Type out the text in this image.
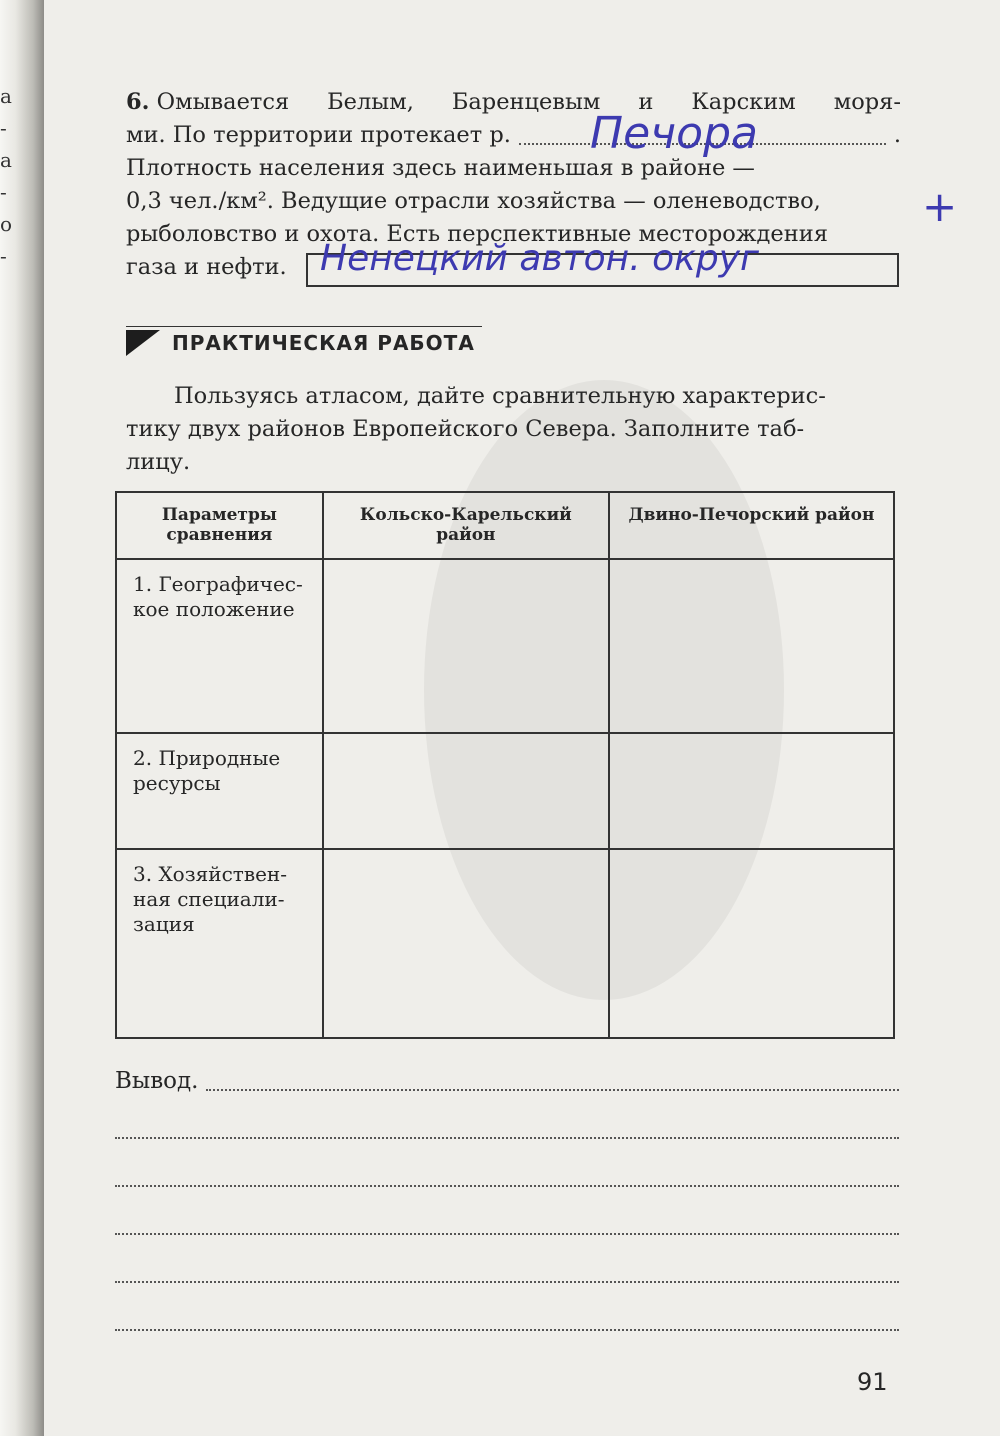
а
-
а
-
о
-
6. Омывается Белым, Баренцевым и Карским моря-
ми. По территории протекает р.	.
Плотность населения здесь наименьшая в районе —
0,3 чел./км². Ведущие отрасли хозяйства — оленеводство,
рыболовство и охота. Есть перспективные месторождения
газа и нефти.
Печора
+
Ненецкий автон. округ
ПРАКТИЧЕСКАЯ РАБОТА
Пользуясь атласом, дайте сравнительную характерис-
тику двух районов Европейского Севера. Заполните таб-
лицу.
Параметры сравнения	Кольско-Карельский район	Двино-Печорский район
1. Географичес-кое положение		
2. Природные ресурсы		
3. Хозяйствен-ная специали-зация		
Вывод.
91
